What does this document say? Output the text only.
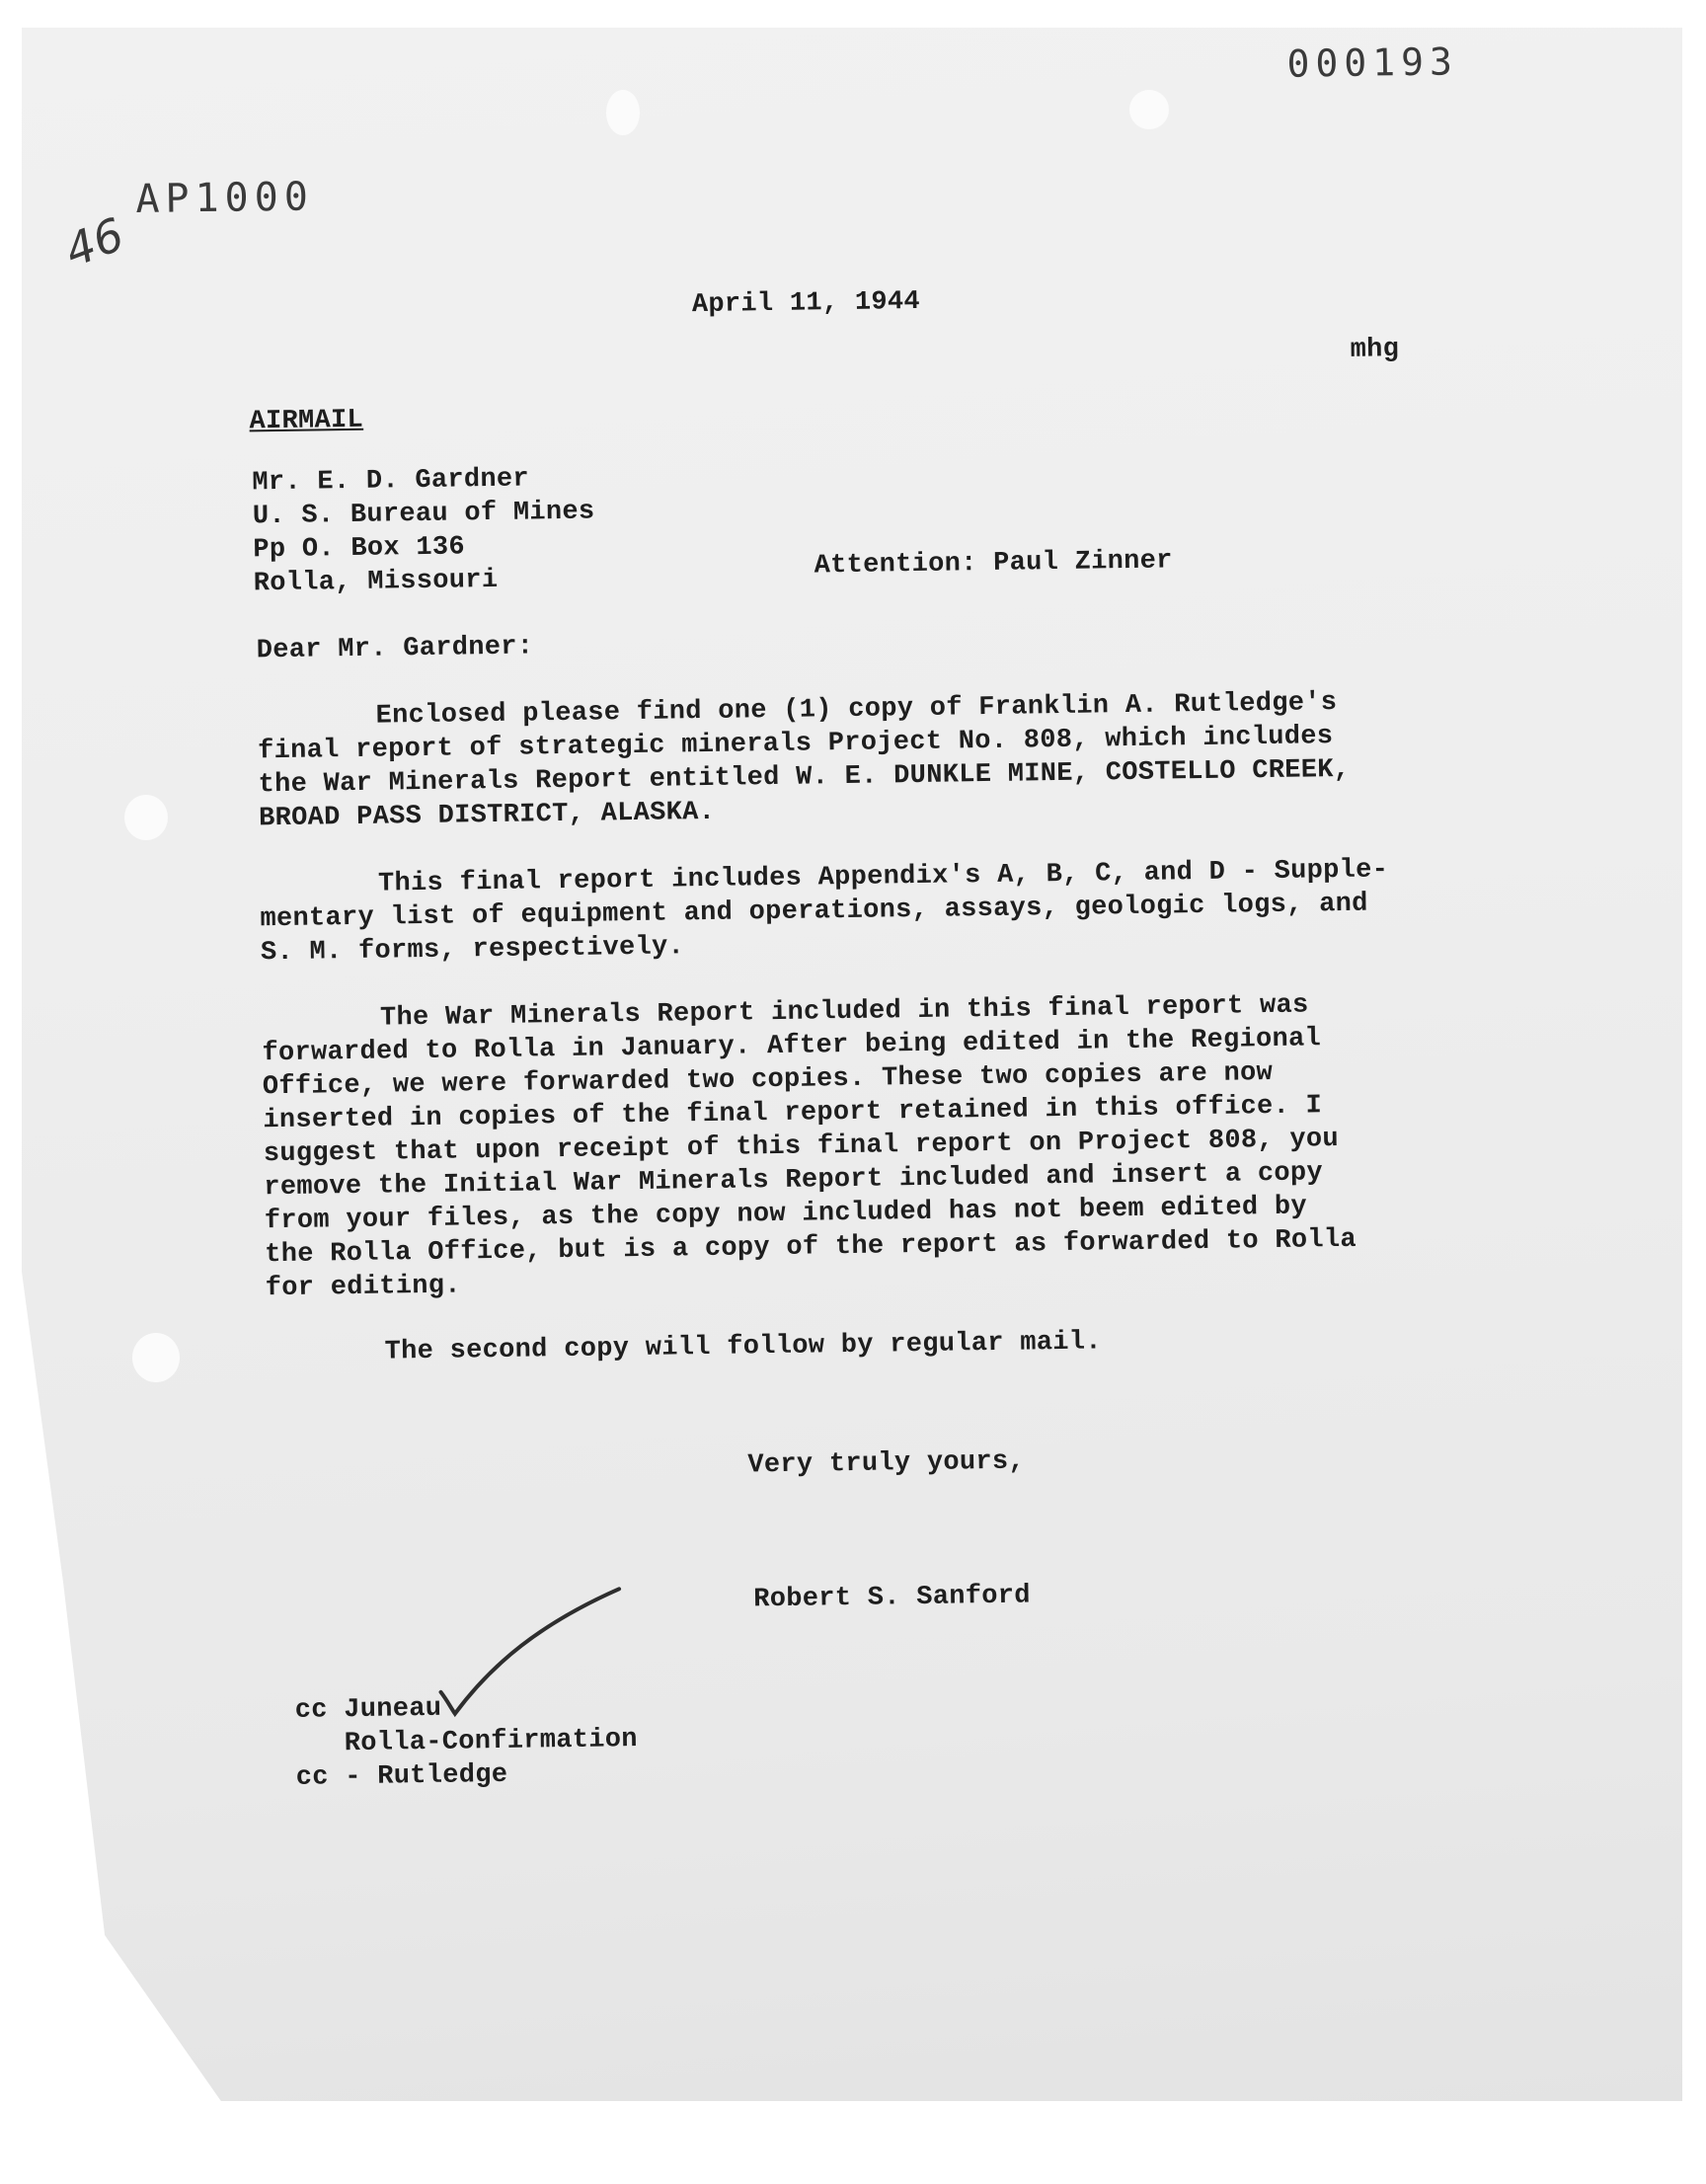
000193
AP1000
46
April 11, 1944
mhg
AIRMAIL
Mr. E. D. Gardner
U. S. Bureau of Mines
Pp O. Box 136
Rolla, Missouri
Attention: Paul Zinner
Dear Mr. Gardner:
Enclosed please find one (1) copy of Franklin A. Rutledge's
final report of strategic minerals Project No. 808, which includes
the War Minerals Report entitled W. E. DUNKLE MINE, COSTELLO CREEK,
BROAD PASS DISTRICT, ALASKA.
This final report includes Appendix's A, B, C, and D - Supple-
mentary list of equipment and operations, assays, geologic logs, and
S. M. forms, respectively.
The War Minerals Report included in this final report was
forwarded to Rolla in January. After being edited in the Regional
Office, we were forwarded two copies. These two copies are now
inserted in copies of the final report retained in this office. I
suggest that upon receipt of this final report on Project 808, you
remove the Initial War Minerals Report included and insert a copy
from your files, as the copy now included has not beem edited by
the Rolla Office, but is a copy of the report as forwarded to Rolla
for editing.
The second copy will follow by regular mail.
Very truly yours,
Robert S. Sanford
cc Juneau
Rolla-Confirmation
cc - Rutledge
